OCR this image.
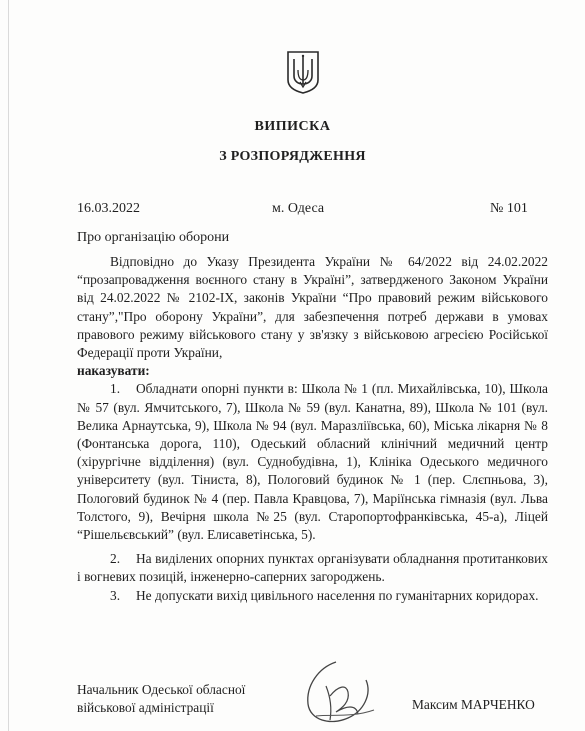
ВИПИСКА
З РОЗПОРЯДЖЕННЯ
16.03.2022	м. Одеса	№ 101
Про організацію оборони

Відповідно до Указу Президента України № 64/2022 від 24.02.2022 “прозапровадження воєнного стану в Україні”, затвердженого Законом України від 24.02.2022 № 2102-IX, законів України “Про правовий режим військового стану”,"Про оборону України”, для забезпечення потреб держави в умовах правового режиму військового стану у зв'язку з військовою агресією Російської Федерації проти України,

наказувати:

1. Обладнати опорні пункти в: Школа № 1 (пл. Михайлівська, 10), Школа № 57 (вул. Ямчитського, 7), Школа № 59 (вул. Канатна, 89), Школа № 101 (вул. Велика Арнаутська, 9), Школа № 94 (вул. Маразліївська, 60), Міська лікарня № 8 (Фонтанська дорога, 110), Одеський обласний клінічний медичний центр (хірургічне відділення) (вул. Суднобудівна, 1), Клініка Одеського медичного університету (вул. Тіниста, 8), Пологовий будинок № 1 (пер. Слєпньова, 3), Пологовий будинок № 4 (пер. Павла Кравцова, 7), Маріїнська гімназія (вул. Льва Толстого, 9), Вечірня школа №25 (вул. Старопортофранківська, 45-а), Ліцей “Рішельєвський” (вул. Елисаветінська, 5).

2. На виділених опорних пунктах організувати обладнання протитанкових і вогневих позицій, інженерно-саперних загороджень.

3. Не допускати вихід цивільного населення по гуманітарних коридорах.

Начальник Одеської обласної
військової адміністрації	Максим МАРЧЕНКО
